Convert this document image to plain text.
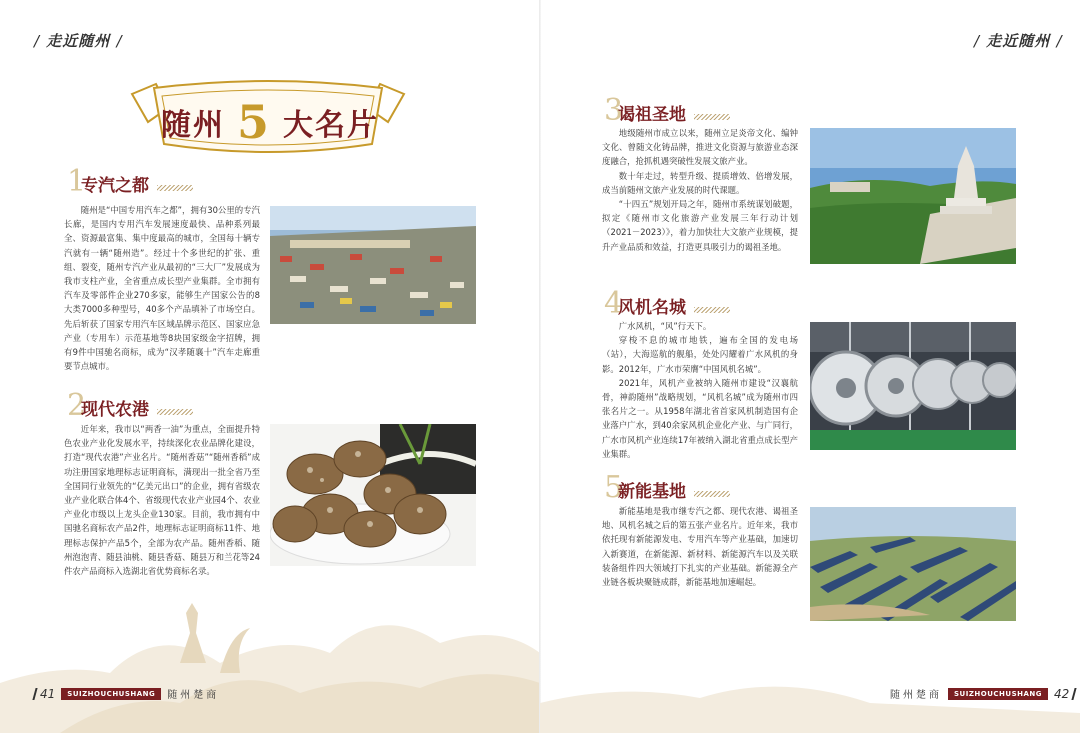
/ 走近随州 /
随州 5 大名片
1
专汽之都

随州是“中国专用汽车之都”，拥有30公里的专汽长廊，是国内专用汽车发展速度最快、品种系列最全、资源最富集、集中度最高的城市，全国每十辆专汽就有一辆“随州造”。经过十个多世纪的扩张、重组、裂变，随州专汽产业从最初的“三大厂”发展成为我市支柱产业，全省重点成长型产业集群。全市拥有汽车及零部件企业270多家，能够生产国家公告的8大类7000多种型号，40多个产品填补了市场空白。先后斩获了国家专用汽车区域品牌示范区、国家应急产业（专用车）示范基地等8块国家级金字招牌，拥有9件中国驰名商标，成为“汉孝随襄十”汽车走廊重要节点城市。

2
现代农港

近年来，我市以“两香一油”为重点，全面提升特色农业产业化发展水平，持续深化农业品牌化建设，打造“现代农港”产业名片。“随州香菇”“随州香稻”成功注册国家地理标志证明商标，满现出一批全省乃至全国同行业领先的“亿美元出口”的企业，拥有省级农业产业化联合体4个、省级现代农业产业园4个、农业产业化市级以上龙头企业130家。目前，我市拥有中国驰名商标农产品2件，地理标志证明商标11件、地理标志保护产品5个，全部为农产品。随州香稻、随州泡泡青、随县油桃、随县香菇、随县万和兰花等24件农产品商标入选湖北省优势商标名录。

41	SUIZHOUCHUSHANG	随州楚商
/ 走近随州 /
3
谒祖圣地

地级随州市成立以来，随州立足炎帝文化、编钟文化、曾随文化铸品牌，推进文化资源与旅游业态深度融合，抢抓机遇突破性发展文旅产业。

数十年走过，转型升级、提质增效、倍增发展，成当前随州文旅产业发展的时代课题。

“十四五”规划开局之年，随州市系统谋划破题，拟定《随州市文化旅游产业发展三年行动计划（2021－2023）》，着力加快壮大文旅产业规模，提升产业品质和效益，打造更具吸引力的谒祖圣地。

4
风机名城

广水风机，“风”行天下。

穿梭不息的城市地铁，遍布全国的发电场（站），大海巡航的舰船，处处闪耀着广水风机的身影。2012年，广水市荣膺“中国风机名城”。

2021年，风机产业被纳入随州市建设“汉襄航骨，神韵随州”战略规划，“风机名城”成为随州市四张名片之一。从1958年湖北省首家风机制造国有企业落户广水，到40余家风机企业化产业、与广同行，广水市风机产业连续17年被纳入湖北省重点成长型产业集群。

5
新能基地

新能基地是我市继专汽之都、现代农港、谒祖圣地、风机名城之后的第五张产业名片。近年来，我市依托现有新能源发电、专用汽车等产业基础，加速切入新赛道，在新能源、新材料、新能源汽车以及关联装备组件四大领域打下扎实的产业基础。新能源全产业链各板块聚链成群，新能基地加速崛起。

随州楚商	SUIZHOUCHUSHANG	42
